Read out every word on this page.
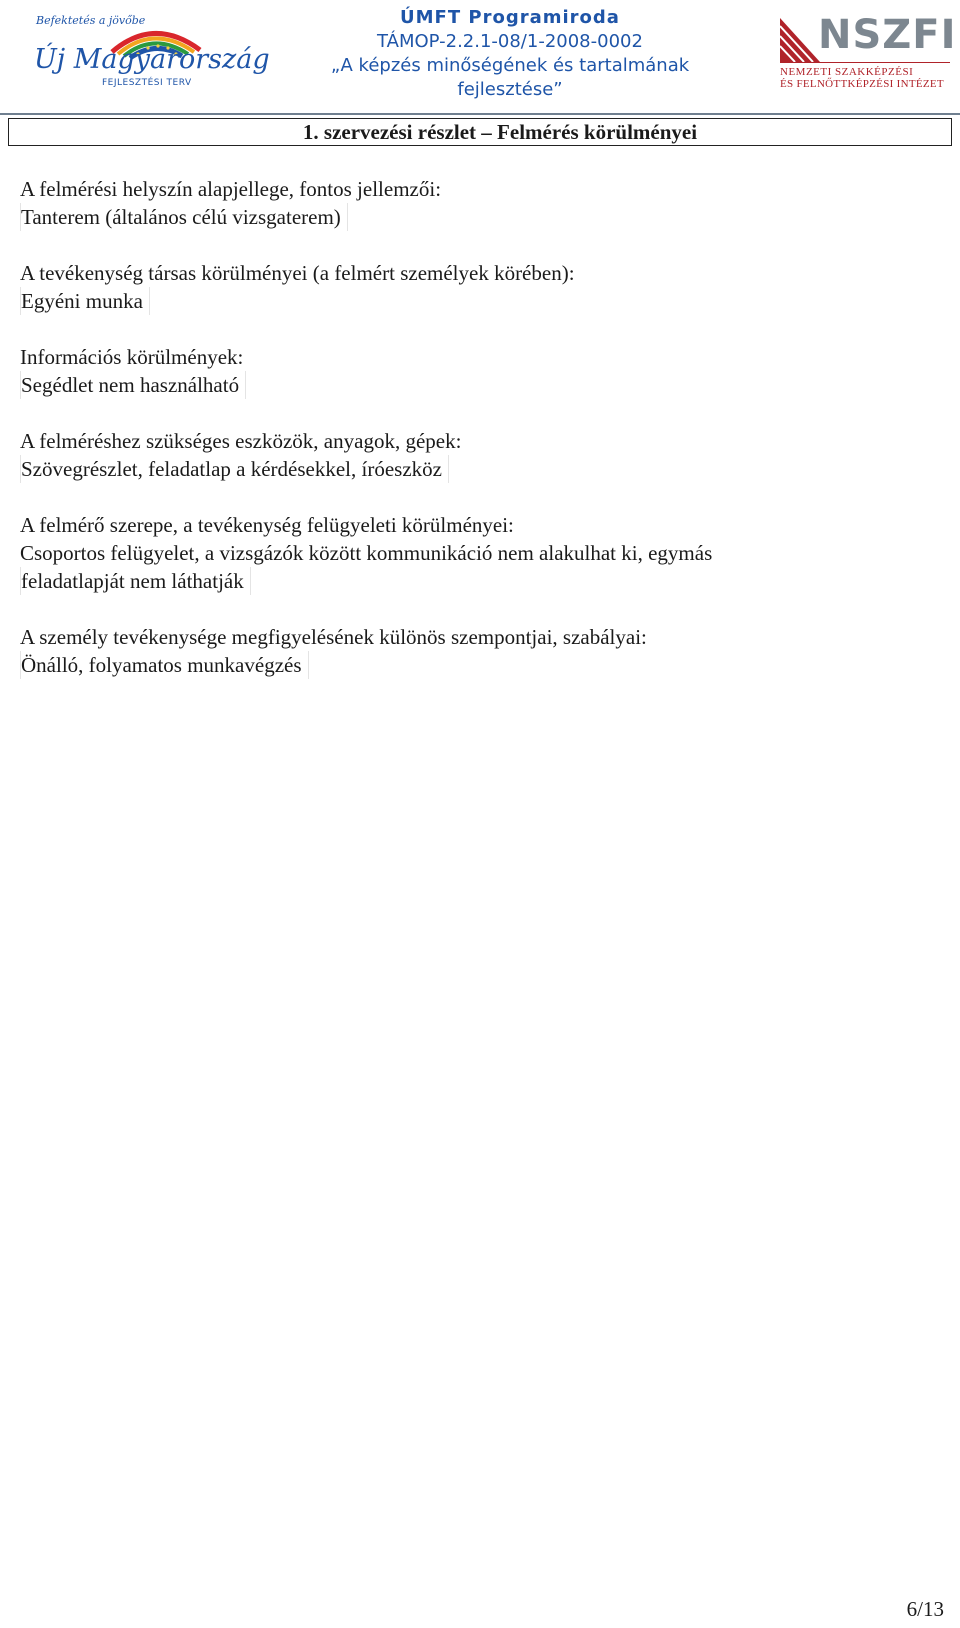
Befektetés a jövőbe
Új Magyarország
FEJLESZTÉSI TERV
ÚMFT Programiroda
TÁMOP-2.2.1-08/1-2008-0002
„A képzés minőségének és tartalmának
fejlesztése”
NSZFI
NEMZETI SZAKKÉPZÉSI
ÉS FELNŐTTKÉPZÉSI INTÉZET
1. szervezési részlet – Felmérés körülményei
A felmérési helyszín alapjellege, fontos jellemzői:
Tanterem (általános célú vizsgaterem)
A tevékenység társas körülményei (a felmért személyek körében):
Egyéni munka
Információs körülmények:
Segédlet nem használható
A felméréshez szükséges eszközök, anyagok, gépek:
Szövegrészlet, feladatlap a kérdésekkel, íróeszköz
A felmérő szerepe, a tevékenység felügyeleti körülményei:
Csoportos felügyelet, a vizsgázók között kommunikáció nem alakulhat ki, egymás
feladatlapját nem láthatják
A személy tevékenysége megfigyelésének különös szempontjai, szabályai:
Önálló, folyamatos munkavégzés
6/13
